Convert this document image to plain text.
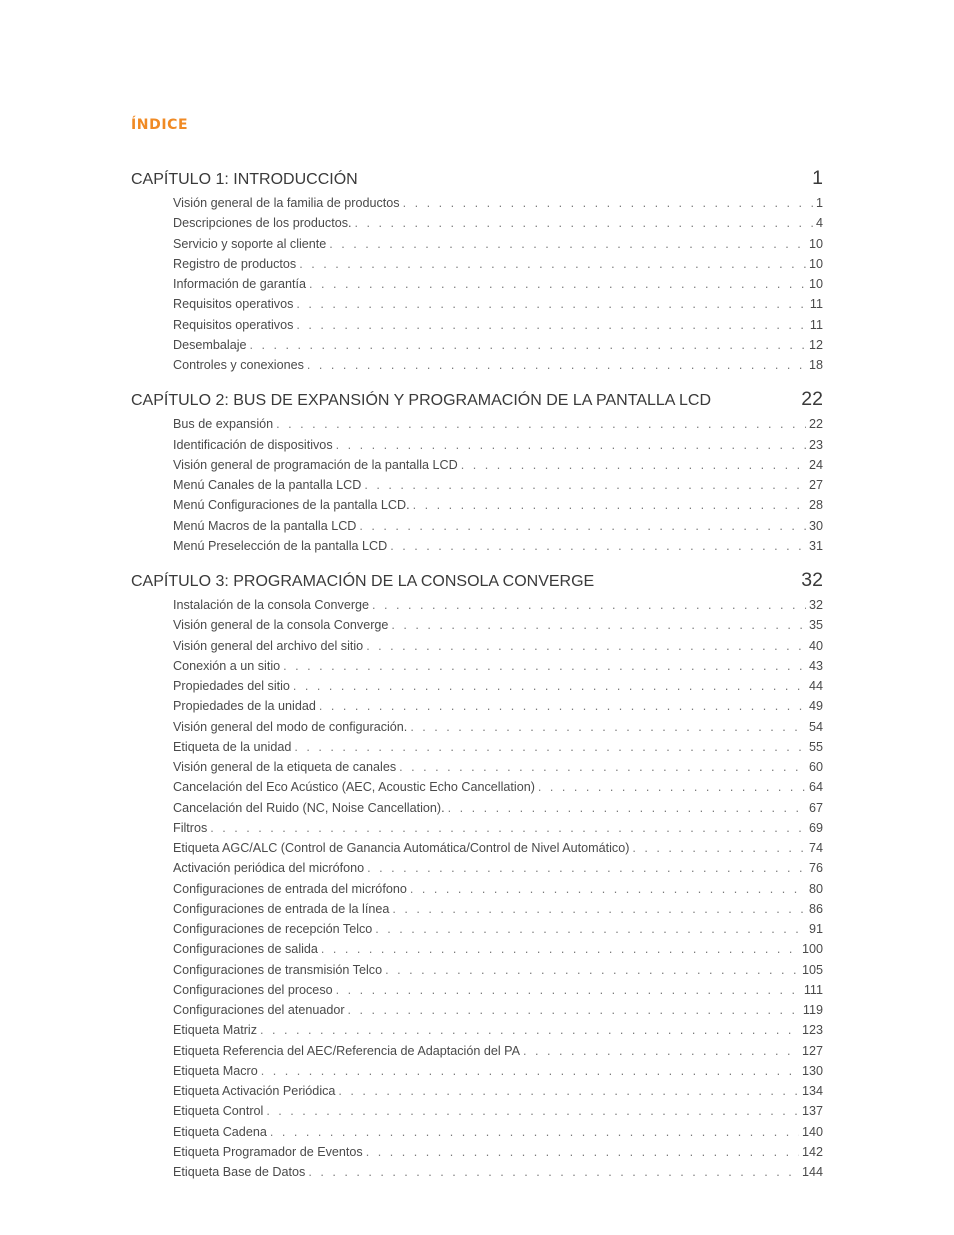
ÍNDICE
CAPÍTULO 1: INTRODUCCIÓN	1
Visión general de la familia de productos . . .	1
Descripciones de los productos. . . .	4
Servicio y soporte al cliente . . .	10
Registro de productos . . .	10
Información de garantía . . .	10
Requisitos operativos . . .	11
Requisitos operativos . . .	11
Desembalaje . . .	12
Controles y conexiones . . .	18
CAPÍTULO 2: BUS DE EXPANSIÓN Y PROGRAMACIÓN DE LA PANTALLA LCD	22
Bus de expansión . . .	22
Identificación de dispositivos . . .	23
Visión general de programación de la pantalla LCD . . .	24
Menú Canales de la pantalla LCD . . .	27
Menú Configuraciones de la pantalla LCD. . . .	28
Menú Macros de la pantalla LCD . . .	30
Menú Preselección de la pantalla LCD . . .	31
CAPÍTULO 3: PROGRAMACIÓN DE LA CONSOLA CONVERGE	32
Instalación de la consola Converge . . .	32
Visión general de la consola Converge . . .	35
Visión general del archivo del sitio . . .	40
Conexión a un sitio . . .	43
Propiedades del sitio . . .	44
Propiedades de la unidad . . .	49
Visión general del modo de configuración. . . .	54
Etiqueta de la unidad . . .	55
Visión general de la etiqueta de canales . . .	60
Cancelación del Eco Acústico (AEC, Acoustic Echo Cancellation) . . .	64
Cancelación del Ruido (NC, Noise Cancellation). . . .	67
Filtros . . .	69
Etiqueta AGC/ALC (Control de Ganancia Automática/Control de Nivel Automático) . . .	74
Activación periódica del micrófono . . .	76
Configuraciones de entrada del micrófono . . .	80
Configuraciones de entrada de la línea . . .	86
Configuraciones de recepción Telco . . .	91
Configuraciones de salida . . .	100
Configuraciones de transmisión Telco . . .	105
Configuraciones del proceso . . .	111
Configuraciones del atenuador . . .	119
Etiqueta Matriz . . .	123
Etiqueta Referencia del AEC/Referencia de Adaptación del PA . . .	127
Etiqueta Macro . . .	130
Etiqueta Activación Periódica . . .	134
Etiqueta Control . . .	137
Etiqueta Cadena . . .	140
Etiqueta Programador de Eventos . . .	142
Etiqueta Base de Datos . . .	144
